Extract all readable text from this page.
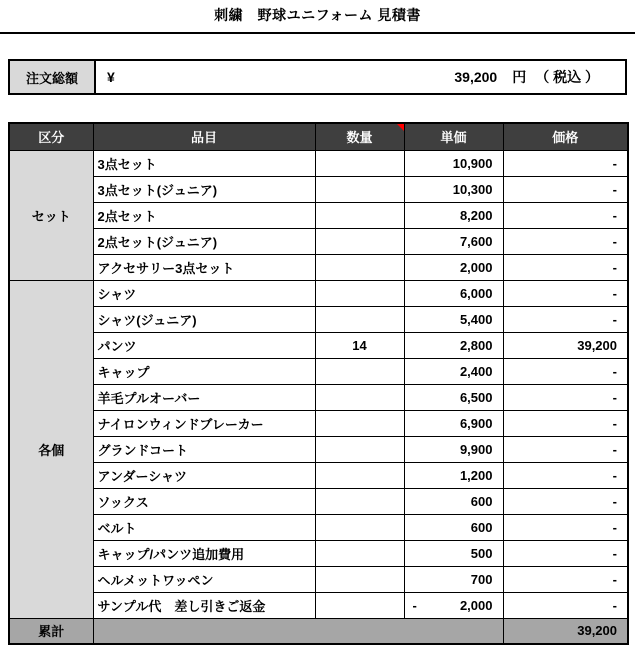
刺繍　野球ユニフォーム 見積書
注文総額	¥	39,200 円 （ 税込 ）
区分	品目	数量	単価	価格
セット	3点セット		10,900	-
	3点セット(ジュニア)		10,300	-
	2点セット		8,200	-
	2点セット(ジュニア)		7,600	-
	アクセサリー3点セット		2,000	-
各個	シャツ		6,000	-
	シャツ(ジュニア)		5,400	-
	パンツ	14	2,800	39,200
	キャップ		2,400	-
	羊毛プルオーバー		6,500	-
	ナイロンウィンドブレーカー		6,900	-
	グランドコート		9,900	-
	アンダーシャツ		1,200	-
	ソックス		600	-
	ベルト		600	-
	キャップ/パンツ追加費用		500	-
	ヘルメットワッペン		700	-
	サンプル代　差し引きご返金		- 2,000	-
累計				39,200
